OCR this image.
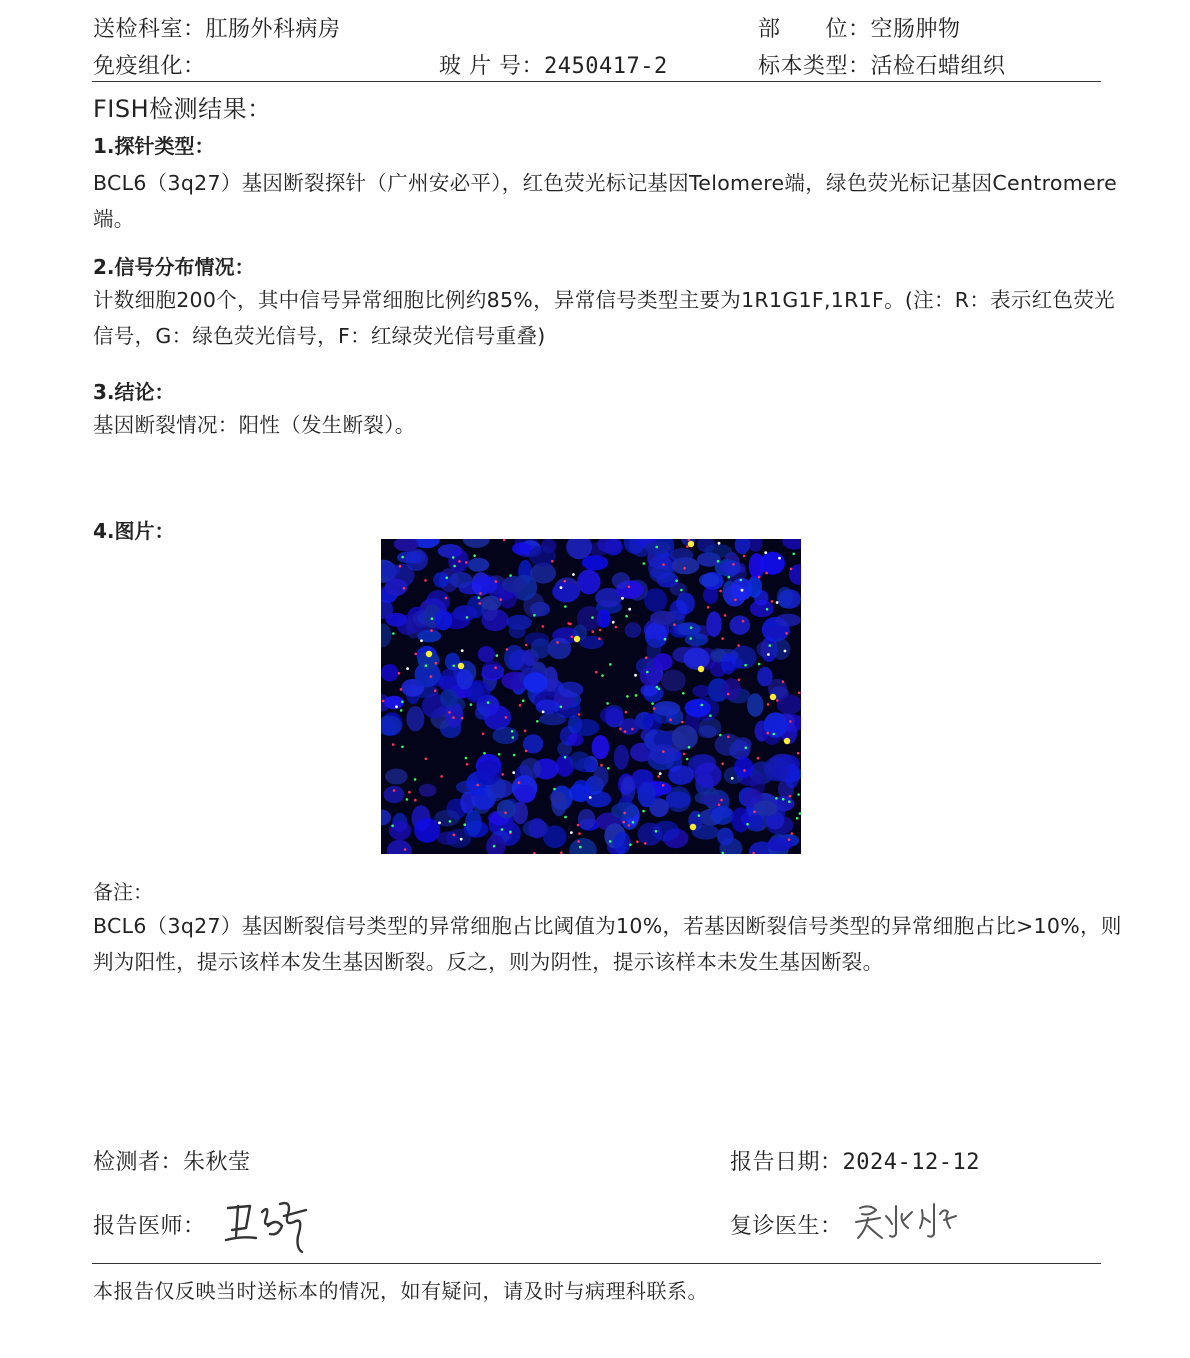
送检科室：肛肠外科病房	部　　位：空肠肿物
免疫组化：	玻 片 号：2450417-2	标本类型：活检石蜡组织
FISH检测结果：
1.探针类型：
BCL6（3q27）基因断裂探针（广州安必平），红色荧光标记基因Telomere端，绿色荧光标记基因Centromere端。
2.信号分布情况：
计数细胞200个，其中信号异常细胞比例约85%，异常信号类型主要为1R1G1F,1R1F。(注：R：表示红色荧光信号，G：绿色荧光信号，F：红绿荧光信号重叠)
3.结论：
基因断裂情况：阳性（发生断裂）。
4.图片：
备注：
BCL6（3q27）基因断裂信号类型的异常细胞占比阈值为10%，若基因断裂信号类型的异常细胞占比>10%，则判为阳性，提示该样本发生基因断裂。反之，则为阴性，提示该样本未发生基因断裂。
检测者：朱秋莹	报告日期：2024-12-12
报告医师：	复诊医生：
本报告仅反映当时送标本的情况，如有疑问，请及时与病理科联系。
